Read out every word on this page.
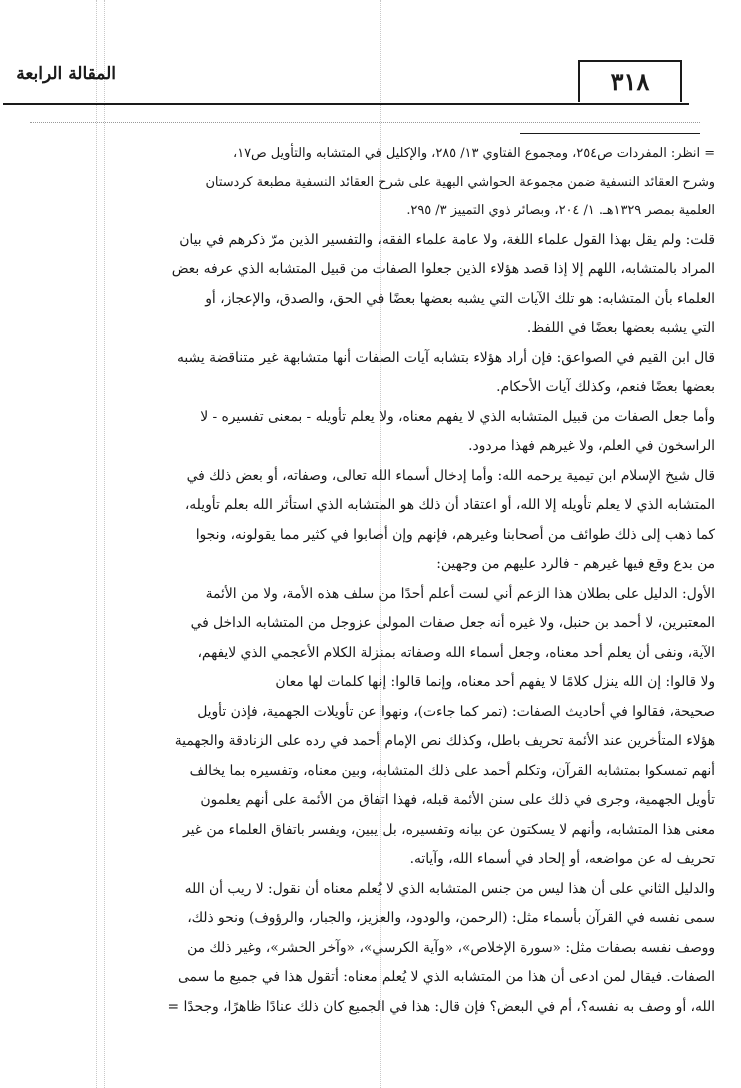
٣١٨
المقالة الرابعة

= انظر: المفردات ص٢٥٤، ومجموع الفتاوي ١٣/ ٢٨٥، والإكليل في المتشابه والتأويل ص١٧،

وشرح العقائد النسفية ضمن مجموعة الحواشي البهية على شرح العقائد النسفية مطبعة كردستان

العلمية بمصر ١٣٢٩هـ. ١/ ٢٠٤، وبصائر ذوي التمييز ٣/ ٢٩٥.

قلت: ولم يقل بهذا القول علماء اللغة، ولا عامة علماء الفقه، والتفسير الذين مرّ ذكرهم في بيان

المراد بالمتشابه، اللهم إلا إذا قصد هؤلاء الذين جعلوا الصفات من قبيل المتشابه الذي عرفه بعض

العلماء بأن المتشابه: هو تلك الآيات التي يشبه بعضها بعضًا في الحق، والصدق، والإعجاز، أو

التي يشبه بعضها بعضًا في اللفظ.

قال ابن القيم في الصواعق: فإن أراد هؤلاء بتشابه آيات الصفات أنها متشابهة غير متناقضة يشبه

بعضها بعضًا فنعم، وكذلك آيات الأحكام.

وأما جعل الصفات من قبيل المتشابه الذي لا يفهم معناه، ولا يعلم تأويله - بمعنى تفسيره - لا

الراسخون في العلم، ولا غيرهم فهذا مردود.

قال شيخ الإسلام ابن تيمية يرحمه الله: وأما إدخال أسماء الله تعالى، وصفاته، أو بعض ذلك في

المتشابه الذي لا يعلم تأويله إلا الله، أو اعتقاد أن ذلك هو المتشابه الذي استأثر الله بعلم تأويله،

كما ذهب إلى ذلك طوائف من أصحابنا وغيرهم، فإنهم وإن أصابوا في كثير مما يقولونه، ونجوا

من بدع وقع فيها غيرهم - فالرد عليهم من وجهين:

الأول: الدليل على بطلان هذا الزعم أني لست أعلم أحدًا من سلف هذه الأمة، ولا من الأئمة

المعتبرين، لا أحمد بن حنبل، ولا غيره أنه جعل صفات المولى عزوجل من المتشابه الداخل في

الآية، ونفى أن يعلم أحد معناه، وجعل أسماء الله وصفاته بمنزلة الكلام الأعجمي الذي لايفهم،

ولا قالوا: إن الله ينزل كلامًا لا يفهم أحد معناه، وإنما قالوا: إنها كلمات لها معان

صحيحة، فقالوا في أحاديث الصفات: (تمر كما جاءت)، ونهوا عن تأويلات الجهمية، فإذن تأويل

هؤلاء المتأخرين عند الأئمة تحريف باطل، وكذلك نص الإمام أحمد في رده على الزنادقة والجهمية

أنهم تمسكوا بمتشابه القرآن، وتكلم أحمد على ذلك المتشابه، وبين معناه، وتفسيره بما يخالف

تأويل الجهمية، وجرى في ذلك على سنن الأئمة قبله، فهذا اتفاق من الأئمة على أنهم يعلمون

معنى هذا المتشابه، وأنهم لا يسكتون عن بيانه وتفسيره، بل يبين، ويفسر باتفاق العلماء من غير

تحريف له عن مواضعه، أو إلحاد في أسماء الله، وآياته.

والدليل الثاني على أن هذا ليس من جنس المتشابه الذي لا يُعلم معناه أن نقول: لا ريب أن الله

سمى نفسه في القرآن بأسماء مثل: (الرحمن، والودود، والعزيز، والجبار، والرؤوف) ونحو ذلك،

ووصف نفسه بصفات مثل: «سورة الإخلاص»، «وآية الكرسي»، «وآخر الحشر»، وغير ذلك من

الصفات. فيقال لمن ادعى أن هذا من المتشابه الذي لا يُعلم معناه: أتقول هذا في جميع ما سمى

الله، أو وصف به نفسه؟، أم في البعض؟ فإن قال: هذا في الجميع كان ذلك عنادًا ظاهرًا، وجحدًا =
